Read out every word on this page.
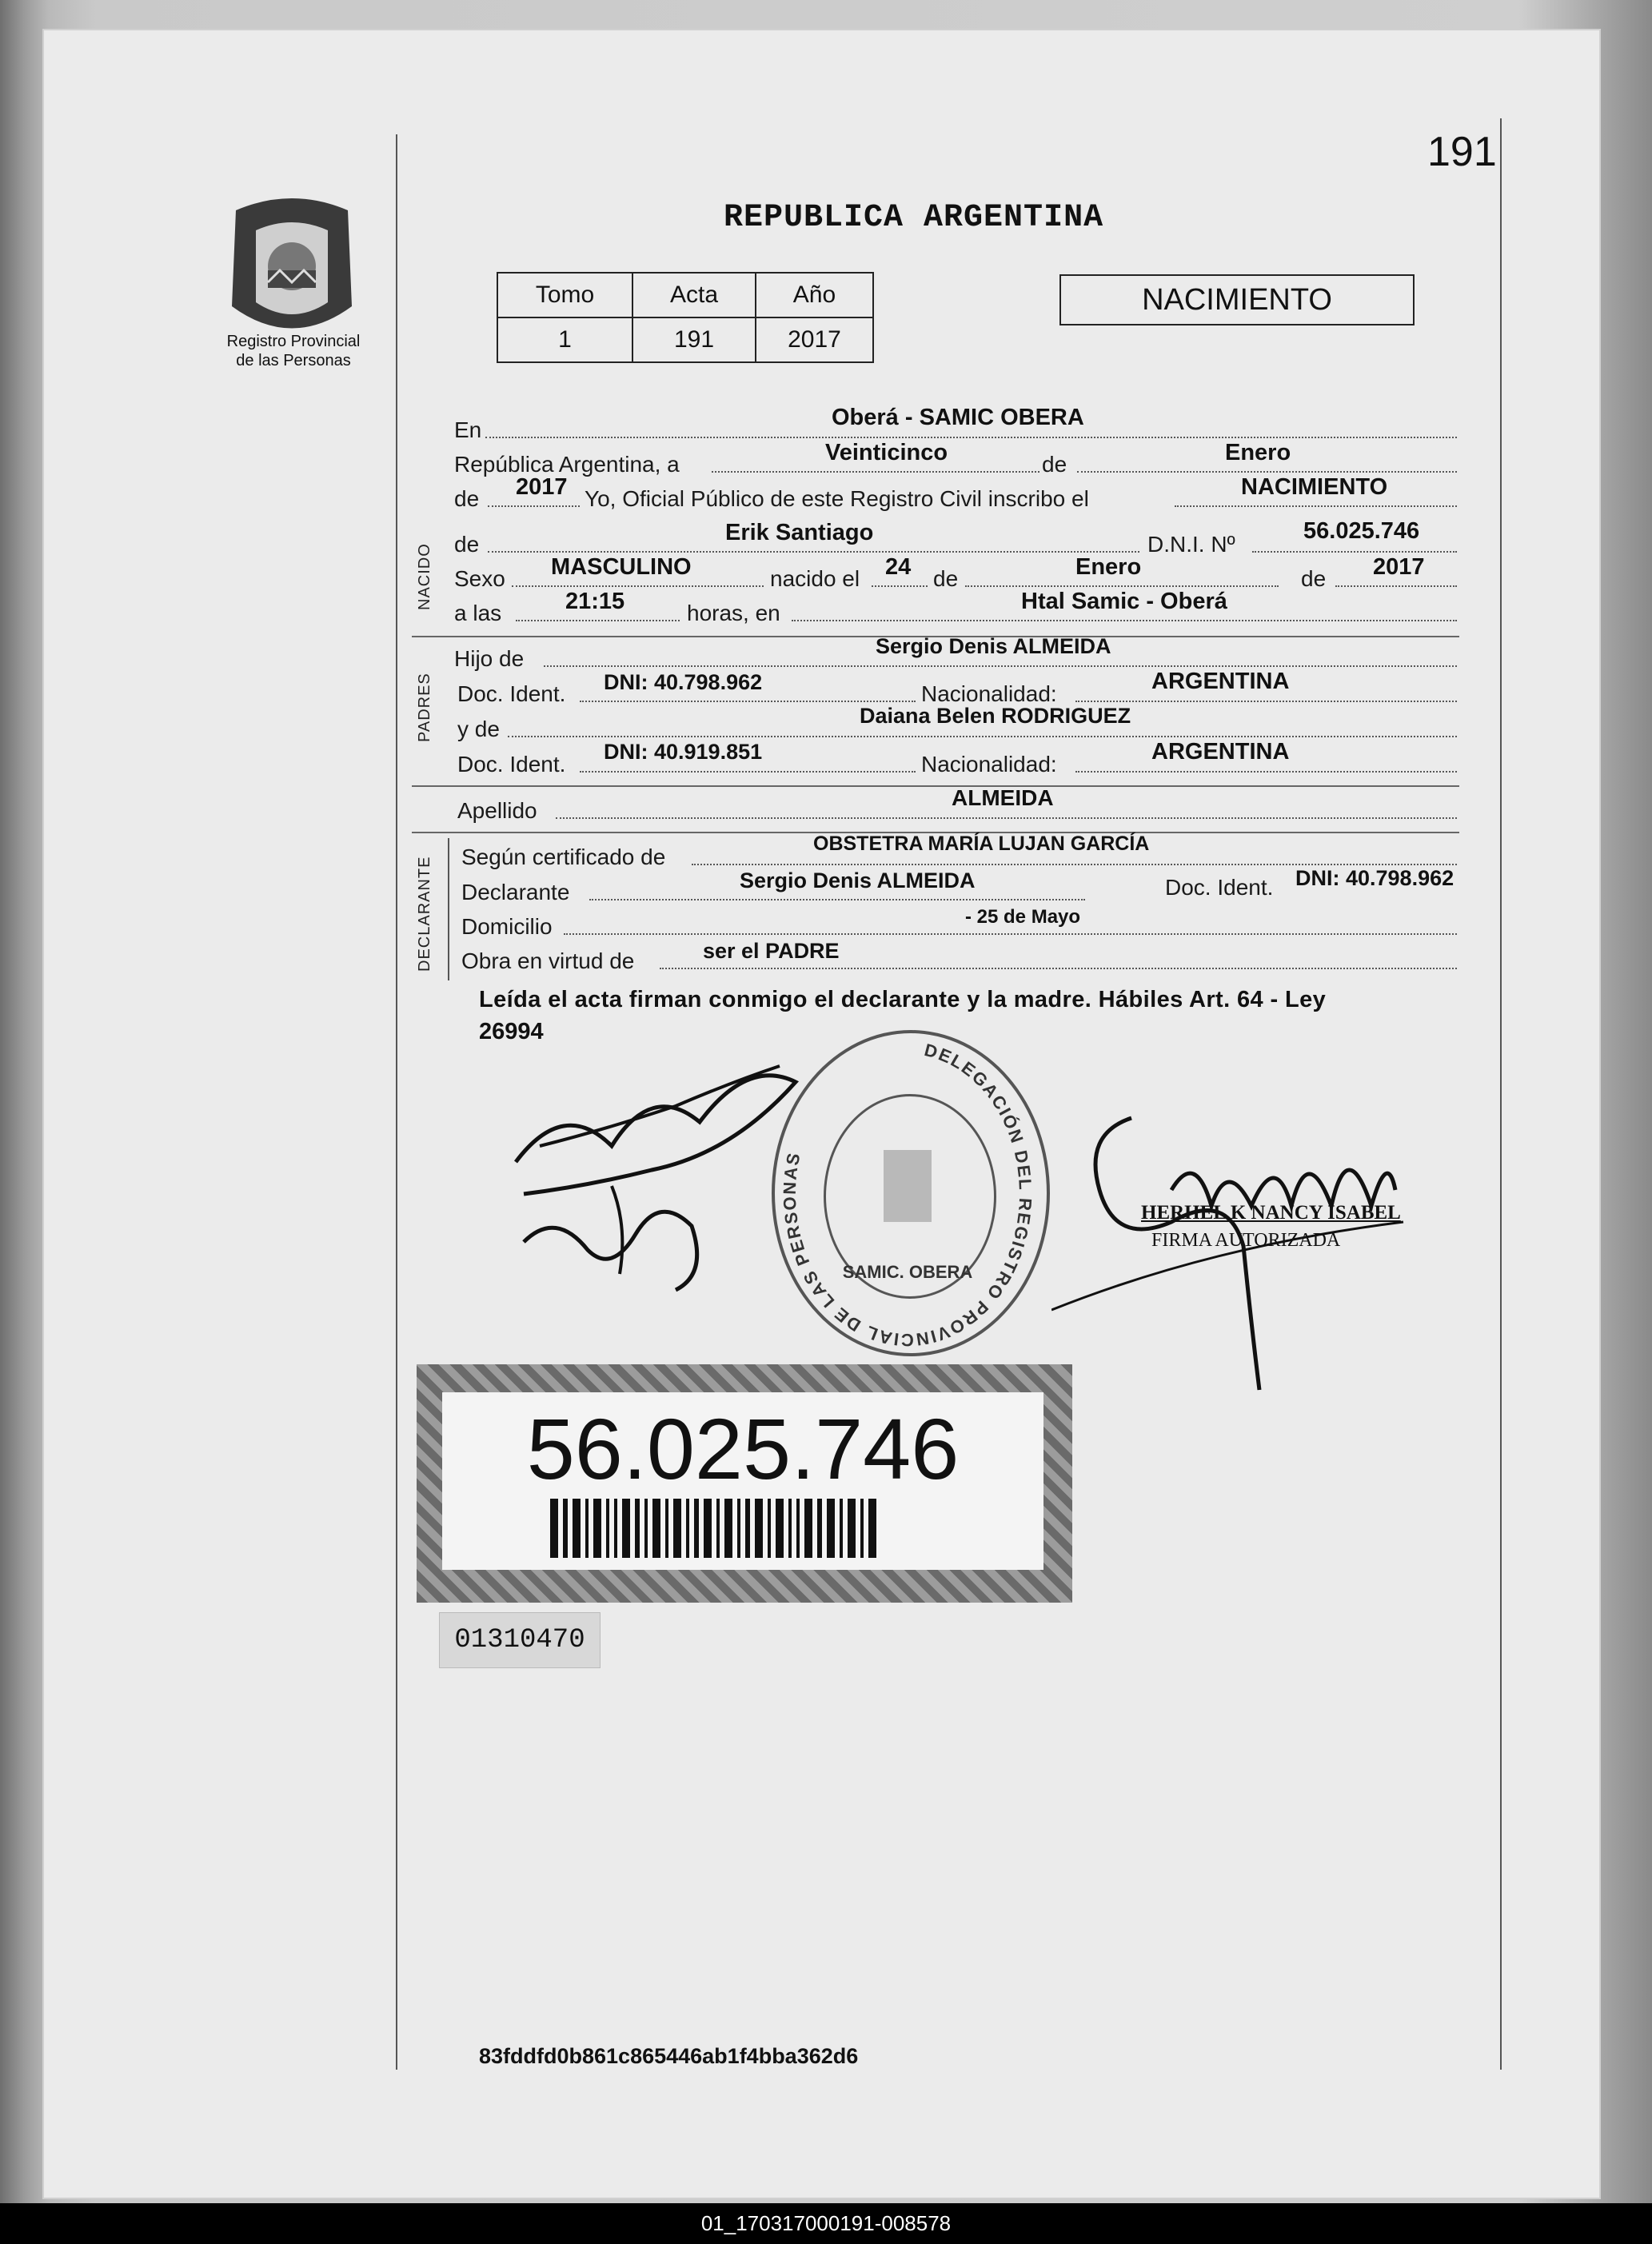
191
Registro Provincial
de las Personas
REPUBLICA ARGENTINA
Tomo	Acta	Año
1	191	2017
NACIMIENTO
En	Oberá - SAMIC OBERA
República Argentina, a	Veinticinco	de	Enero
de 2017 Yo, Oficial Público de este Registro Civil inscribo el	NACIMIENTO
NACIDO de	Erik Santiago	D.N.I. Nº
56.025.746
Sexo MASCULINO	nacido el 24 de	Enero	de 2017
a las	21:15	horas, en	Htal Samic - Oberá
PADRES
Hijo de	Sergio Denis ALMEIDA
Doc. Ident. DNI: 40.798.962	Nacionalidad:	ARGENTINA
y de
Daiana Belen RODRIGUEZ
Doc. Ident. DNI: 40.919.851	Nacionalidad:	ARGENTINA
Apellido
ALMEIDA
DECLARANTE Según certificado de
OBSTETRA MARÍA LUJAN GARCÍA
Declarante	Sergio Denis ALMEIDA	Doc. Ident. DNI: 40.798.962
Domicilio	- 25 de Mayo
Obra en virtud de	ser el PADRE
Leída el acta firman conmigo el declarante y la madre. Hábiles Art. 64 - Ley
26994
DELEGACIÓN DEL REGISTRO PROVINCIAL DE LAS PERSONAS
SAMIC. OBERA
HERHEL K NANCY ISABEL
FIRMA AUTORIZADA
56.025.746
01310470
83fddfd0b861c865446ab1f4bba362d6
01_170317000191-008578
